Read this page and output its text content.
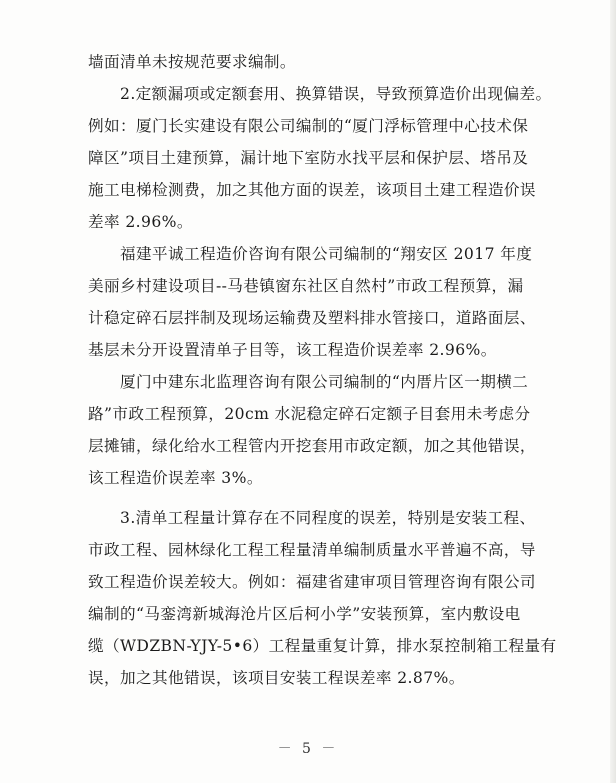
墙面清单未按规范要求编制。
2.定额漏项或定额套用、换算错误，导致预算造价出现偏差。
例如：厦门长实建设有限公司编制的“厦门浮标管理中心技术保
障区”项目土建预算，漏计地下室防水找平层和保护层、塔吊及
施工电梯检测费，加之其他方面的误差，该项目土建工程造价误
差率 2.96%。
福建平诚工程造价咨询有限公司编制的“翔安区 2017 年度
美丽乡村建设项目--马巷镇窗东社区自然村”市政工程预算，漏
计稳定碎石层拌制及现场运输费及塑料排水管接口，道路面层、
基层未分开设置清单子目等，该工程造价误差率 2.96%。
厦门中建东北监理咨询有限公司编制的“内厝片区一期横二
路”市政工程预算，20cm 水泥稳定碎石定额子目套用未考虑分
层摊铺，绿化给水工程管内开挖套用市政定额，加之其他错误，
该工程造价误差率 3%。
3.清单工程量计算存在不同程度的误差，特别是安装工程、
市政工程、园林绿化工程工程量清单编制质量水平普遍不高，导
致工程造价误差较大。例如：福建省建审项目管理咨询有限公司
编制的“马銮湾新城海沧片区后柯小学”安装预算，室内敷设电
缆（WDZBN-YJY-5•6）工程量重复计算，排水泵控制箱工程量有
误，加之其他错误，该项目安装工程误差率 2.87%。
－ 5 －
